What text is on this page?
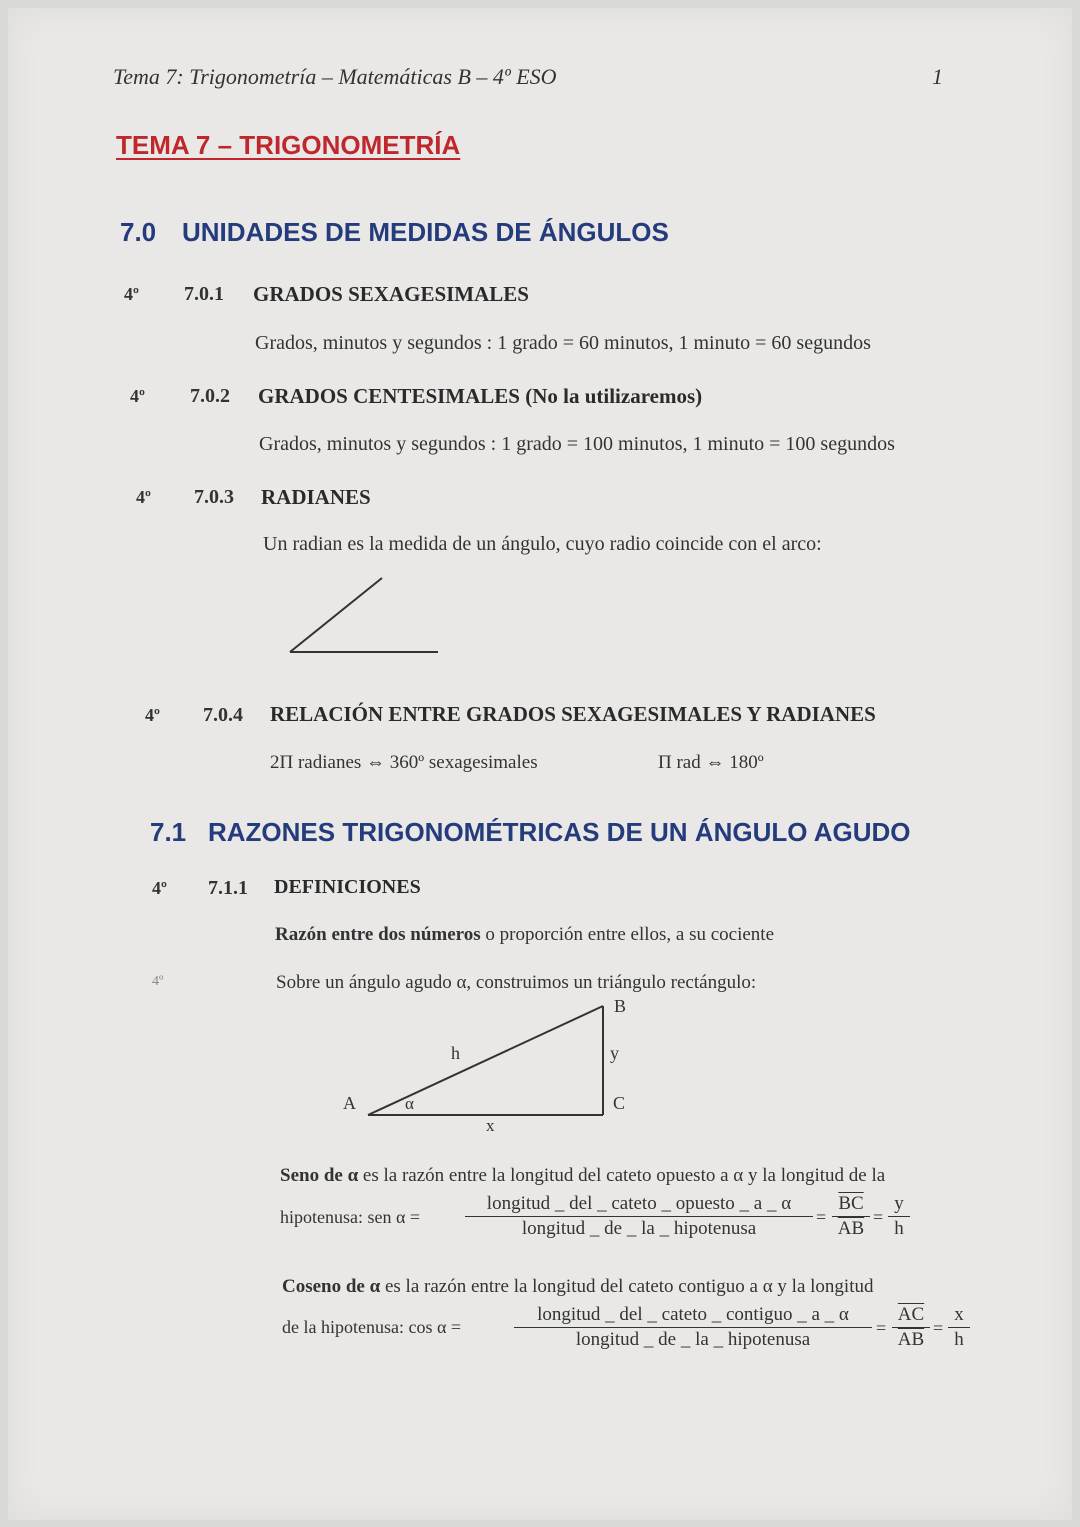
Tema 7: Trigonometría – Matemáticas B – 4º ESO	1
TEMA 7 – TRIGONOMETRÍA
7.0 UNIDADES DE MEDIDAS DE ÁNGULOS
4º 7.0.1 GRADOS SEXAGESIMALES
Grados, minutos y segundos : 1 grado = 60 minutos, 1 minuto = 60 segundos
4º 7.0.2 GRADOS CENTESIMALES (No la utilizaremos)
Grados, minutos y segundos : 1 grado = 100 minutos, 1 minuto = 100 segundos
4º 7.0.3 RADIANES
Un radian es la medida de un ángulo, cuyo radio coincide con el arco:
4º 7.0.4 RELACIÓN ENTRE GRADOS SEXAGESIMALES Y RADIANES
2Π radianes ⇔ 360º sexagesimales	Π rad ⇔ 180º
7.1 RAZONES TRIGONOMÉTRICAS DE UN ÁNGULO AGUDO
4º 7.1.1 DEFINICIONES
Razón entre dos números o proporción entre ellos, a su cociente
4º	Sobre un ángulo agudo α, construimos un triángulo rectángulo:
B
A	C
h	y
x
α
Seno de α es la razón entre la longitud del cateto opuesto a α y la longitud de la
hipotenusa: sen α =
longitud _ del _ cateto _ opuesto _ a _ α
longitud _ de _ la _ hipotenusa
= $\frac{\overline{BC}}{AB} = \frac{y}{h}$
Coseno de α es la razón entre la longitud del cateto contiguo a α y la longitud
de la hipotenusa: cos α =
longitud _ del _ cateto _ contiguo _ a _ α
longitud _ de _ la _ hipotenusa
= $\frac{\overline{AC}}{AB} = \frac{x}{h}$
